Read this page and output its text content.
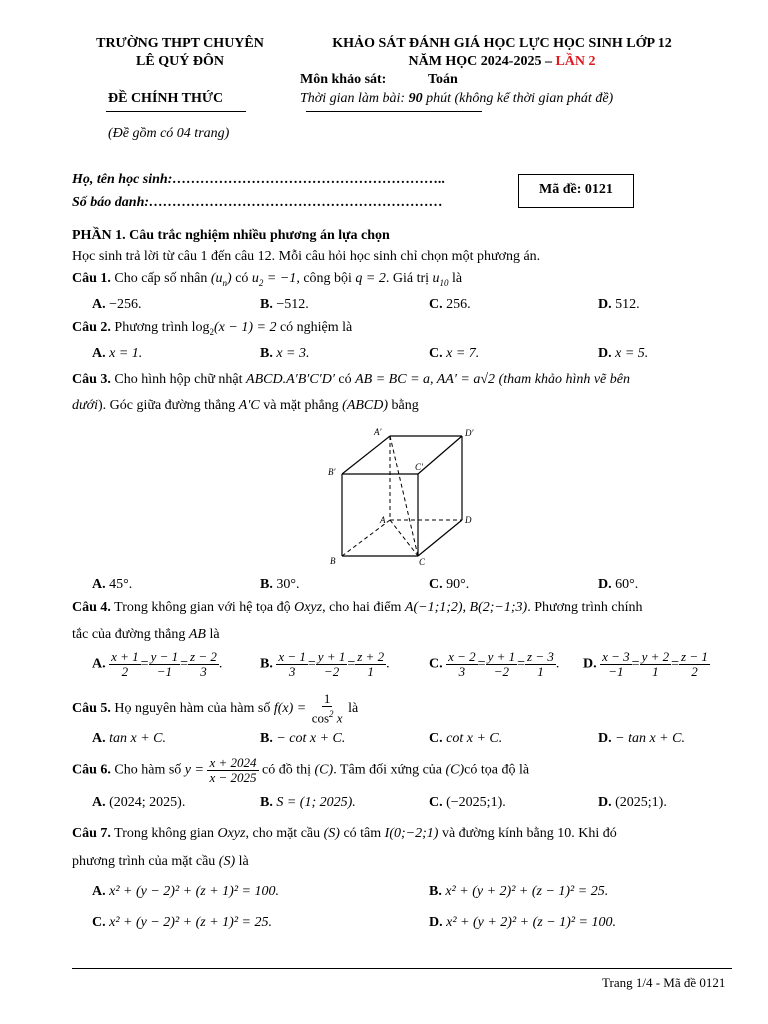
TRƯỜNG THPT CHUYÊN
LÊ QUÝ ĐÔN
KHẢO SÁT ĐÁNH GIÁ HỌC LỰC HỌC SINH LỚP 12
NĂM HỌC 2024-2025 – LẦN 2
Môn khảo sát:	Toán
ĐỀ CHÍNH THỨC	Thời gian làm bài: 90 phút (không kể thời gian phát đề)
(Đề gồm có 04 trang)
Họ, tên học sinh:…………………………………………………..
Số báo danh:………………………………………………………
Mã đề: 0121
PHẦN 1. Câu trắc nghiệm nhiều phương án lựa chọn
Học sinh trả lời từ câu 1 đến câu 12. Mỗi câu hỏi học sinh chỉ chọn một phương án.
Câu 1. Cho cấp số nhân $(u_n)$ có $u_2 = -1$, công bội q = 2. Giá trị $u_{10}$ là
A. −256.	B. −512.	C. 256.	D. 512.
Câu 2. Phương trình $\log_2(x - 1) = 2$ có nghiệm là
A. x = 1.	B. x = 3.	C. x = 7.	D. x = 5.
Câu 3. Cho hình hộp chữ nhật ABCD.A′B′C′D′ có AB = BC = a, AA′ = a√2 (tham khảo hình vẽ bên
dưới). Góc giữa đường thẳng A′C và mặt phẳng (ABCD) bằng
A′	D′
B′	C′
A	D
B	C
A. 45°.	B. 30°.	C. 90°.	D. 60°.
Câu 4. Trong không gian với hệ tọa độ Oxyz, cho hai điểm A(−1;1;2), B(2;−1;3). Phương trình chính
tắc của đường thẳng AB là
A. $\frac{x + 1}{2} = \frac{y - 1}{-1} = \frac{z - 2}{3}$ .	B. $\frac{x - 1}{3} = \frac{y + 1}{-2} = \frac{z + 2}{1}$ .	C. $\frac{x - 2}{3} = \frac{y + 1}{-2} = \frac{z - 3}{1}$ . D. $\frac{x - 3}{-1} = \frac{y + 2}{1} = \frac{z - 1}{2}$
Câu 5. Họ nguyên hàm của hàm số $f(x) = \frac{1}{\cos^2 x}$ là
A. tan x + C.	B. − cot x + C.	C. cot x + C.	D. − tan x + C.
Câu 6. Cho hàm số $y = \frac{x + 2024}{x - 2025}$ có đồ thị (C). Tâm đối xứng của (C)có tọa độ là
A. (2024; 2025).	B. S = (1; 2025).	C. (−2025;1).	D. (2025;1).
Câu 7. Trong không gian Oxyz, cho mặt cầu (S) có tâm I(0;−2;1) và đường kính bằng 10. Khi đó
phương trình của mặt cầu (S) là
A. x² + (y − 2)² + (z + 1)² = 100.	B. x² + (y + 2)² + (z − 1)² = 25.
C. x² + (y − 2)² + (z + 1)² = 25.	D. x² + (y + 2)² + (z − 1)² = 100.
Trang 1/4 - Mã đề 0121
